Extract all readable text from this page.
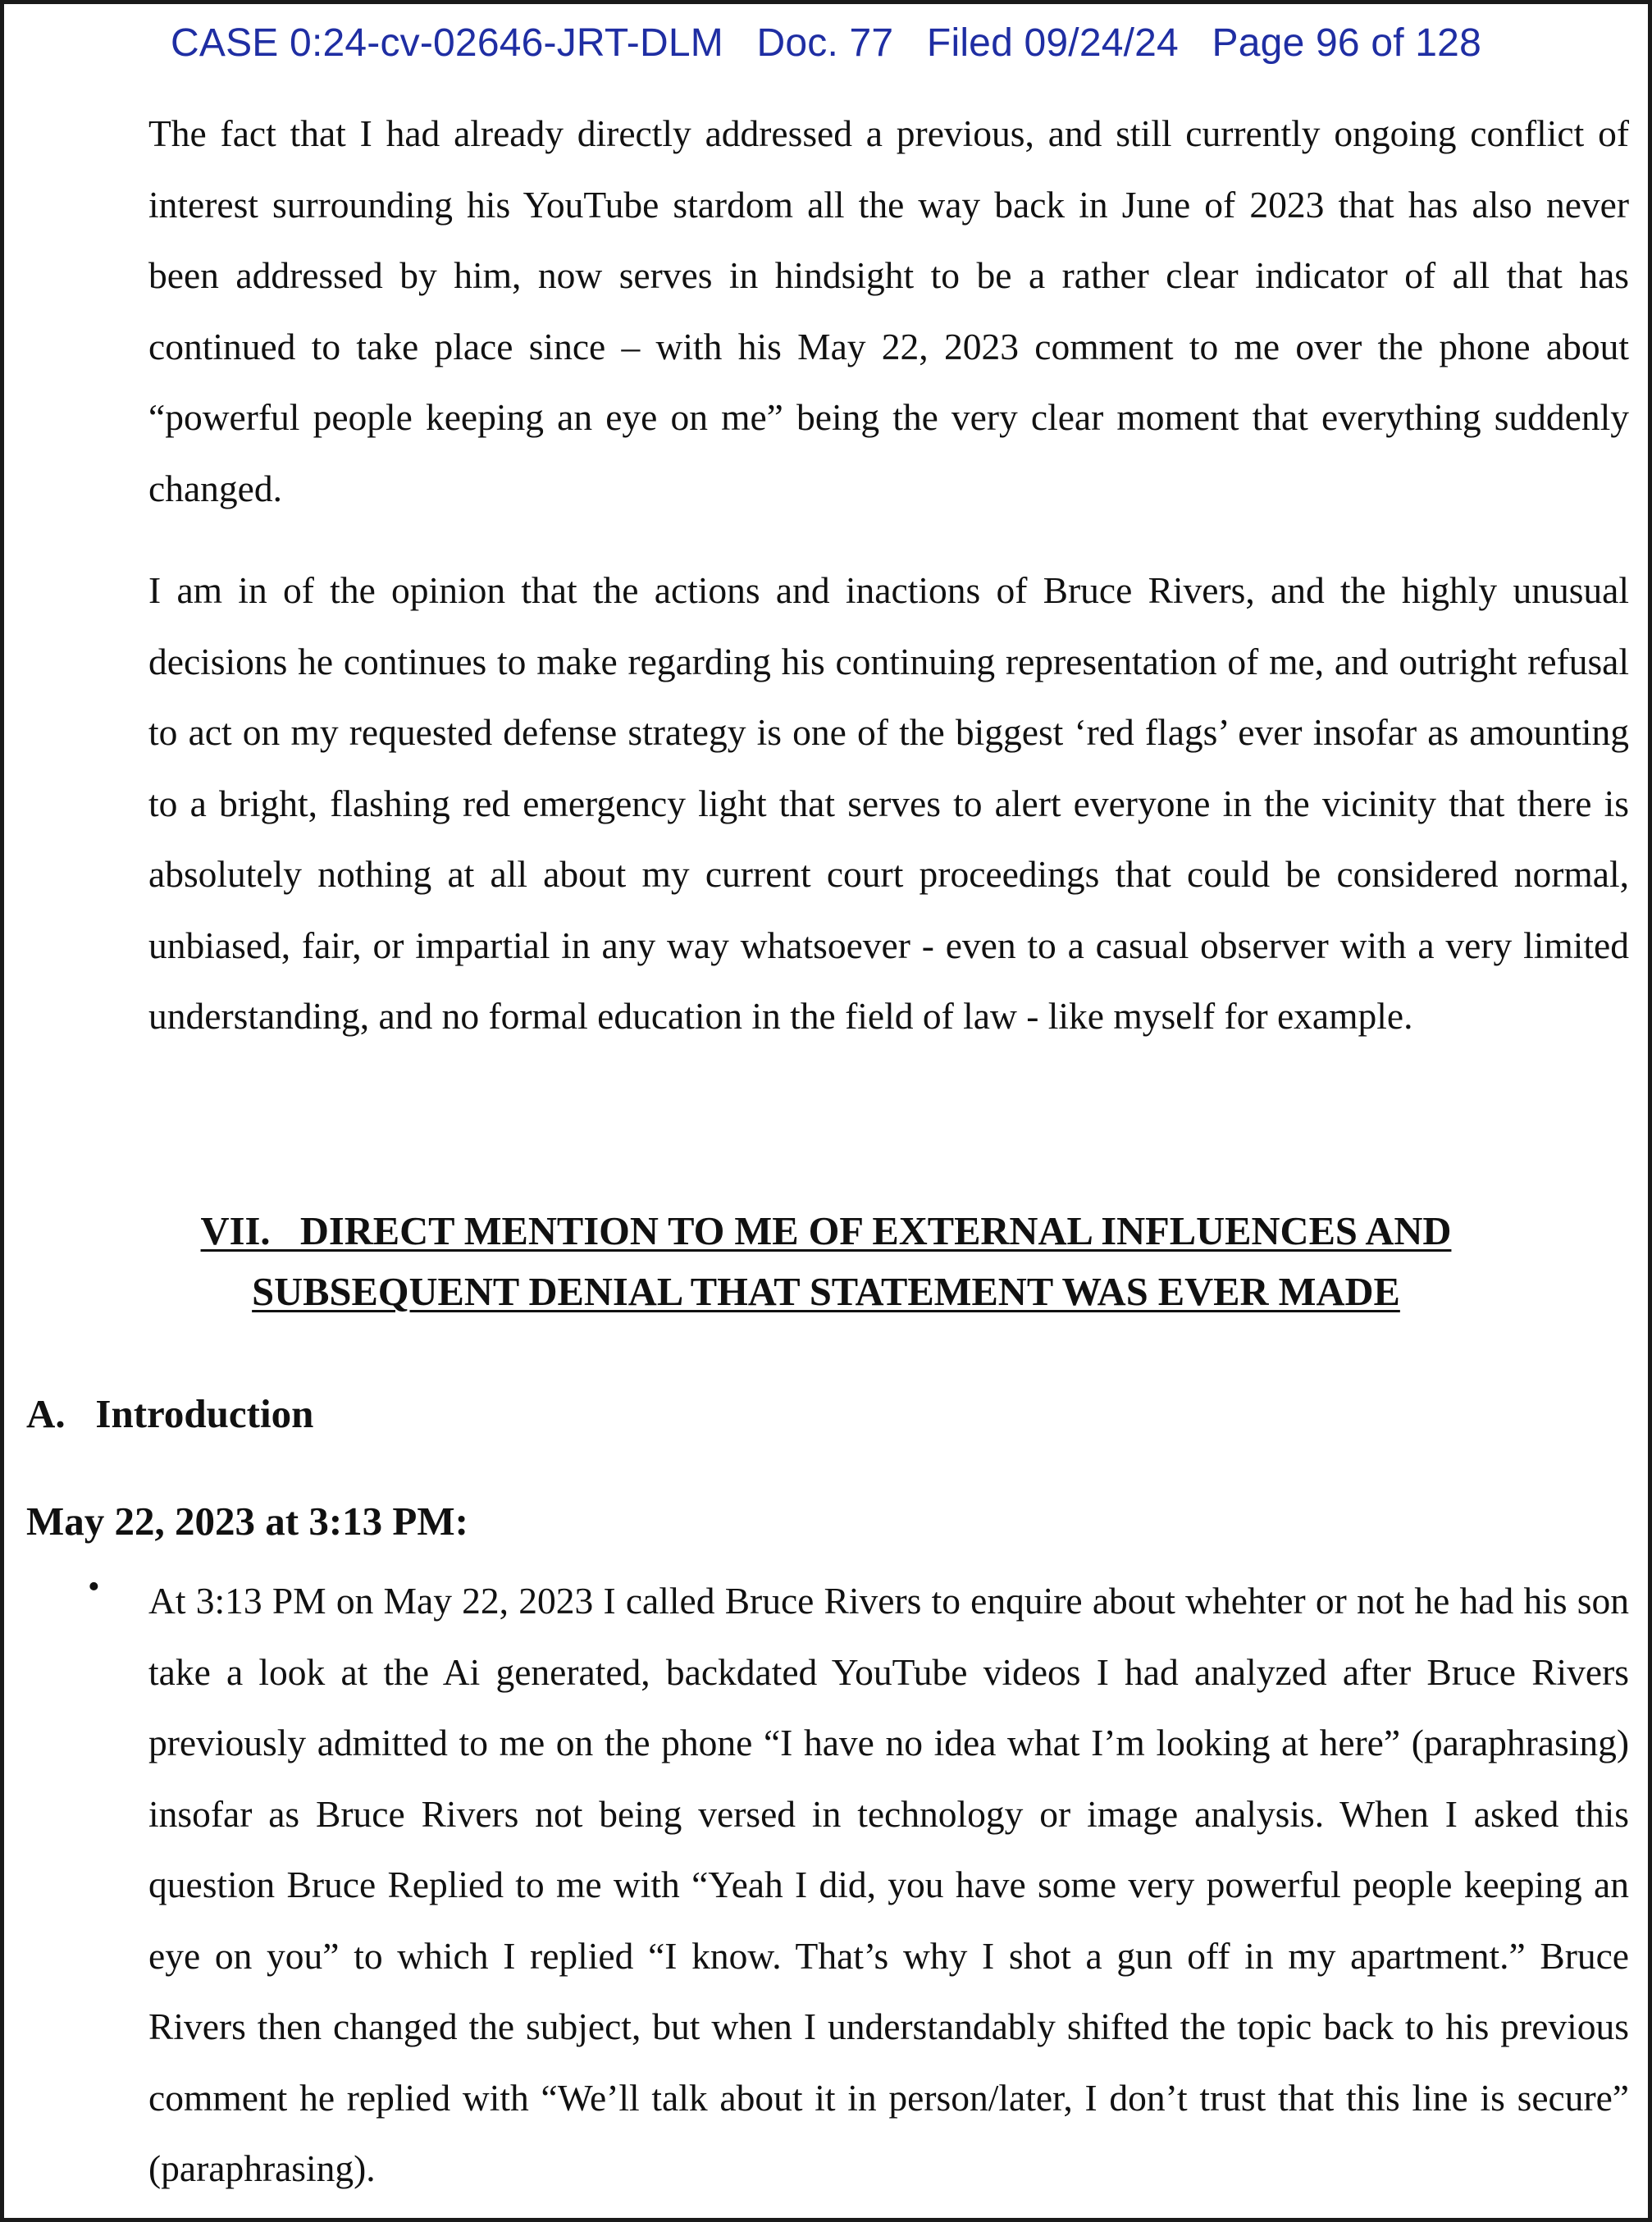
CASE 0:24-cv-02646-JRT-DLM   Doc. 77   Filed 09/24/24   Page 96 of 128
The fact that I had already directly addressed a previous, and still currently ongoing conflict of interest surrounding his YouTube stardom all the way back in June of 2023 that has also never been addressed by him, now serves in hindsight to be a rather clear indicator of all that has continued to take place since – with his May 22, 2023 comment to me over the phone about “powerful people keeping an eye on me” being the very clear moment that everything suddenly changed.
I am in of the opinion that the actions and inactions of Bruce Rivers, and the highly unusual decisions he continues to make regarding his continuing representation of me, and outright refusal to act on my requested defense strategy is one of the biggest ‘red flags’ ever insofar as amounting to a bright, flashing red emergency light that serves to alert everyone in the vicinity that there is absolutely nothing at all about my current court proceedings that could be considered normal, unbiased, fair, or impartial in any way whatsoever - even to a casual observer with a very limited understanding, and no formal education in the field of law - like myself for example.
VII.   DIRECT MENTION TO ME OF EXTERNAL INFLUENCES AND
SUBSEQUENT DENIAL THAT STATEMENT WAS EVER MADE
A.   Introduction
May 22, 2023 at 3:13 PM:
• At 3:13 PM on May 22, 2023 I called Bruce Rivers to enquire about whehter or not he had his son take a look at the Ai generated, backdated YouTube videos I had analyzed after Bruce Rivers previously admitted to me on the phone “I have no idea what I’m looking at here” (paraphrasing) insofar as Bruce Rivers not being versed in technology or image analysis. When I asked this question Bruce Replied to me with “Yeah I did, you have some very powerful people keeping an eye on you” to which I replied “I know. That’s why I shot a gun off in my apartment.” Bruce Rivers then changed the subject, but when I understandably shifted the topic back to his previous comment he replied with “We’ll talk about it in person/later, I don’t trust that this line is secure” (paraphrasing).
